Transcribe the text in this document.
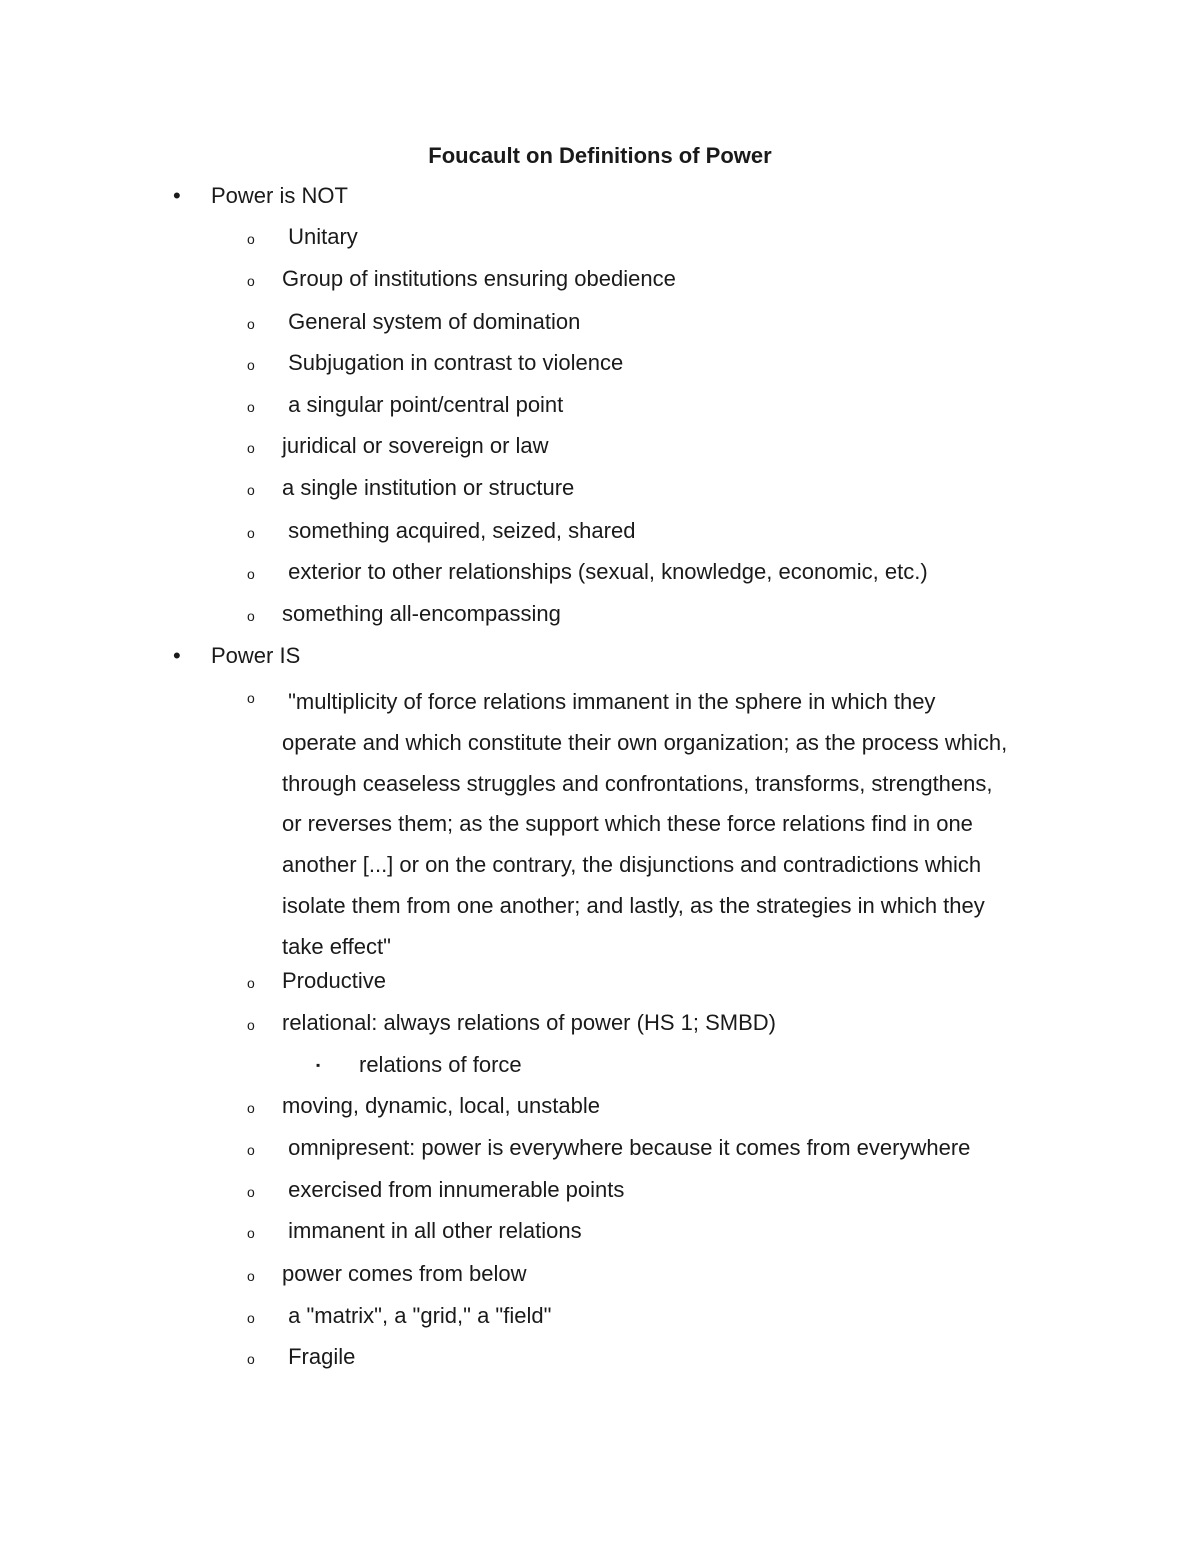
Foucault on Definitions of Power
• Power is NOT
o Unitary
o Group of institutions ensuring obedience
o General system of domination
o Subjugation in contrast to violence
o a singular point/central point
o juridical or sovereign or law
o a single institution or structure
o something acquired, seized, shared
o exterior to other relationships (sexual, knowledge, economic, etc.)
o something all-encompassing
• Power IS
o "multiplicity of force relations immanent in the sphere in which they
operate and which constitute their own organization; as the process which,
through ceaseless struggles and confrontations, transforms, strengthens,
or reverses them; as the support which these force relations find in one
another [...] or on the contrary, the disjunctions and contradictions which
isolate them from one another; and lastly, as the strategies in which they
take effect"
o Productive
o relational: always relations of power (HS 1; SMBD)
▪ relations of force
o moving, dynamic, local, unstable
o omnipresent: power is everywhere because it comes from everywhere
o exercised from innumerable points
o immanent in all other relations
o power comes from below
o a "matrix", a "grid," a "field"
o Fragile
